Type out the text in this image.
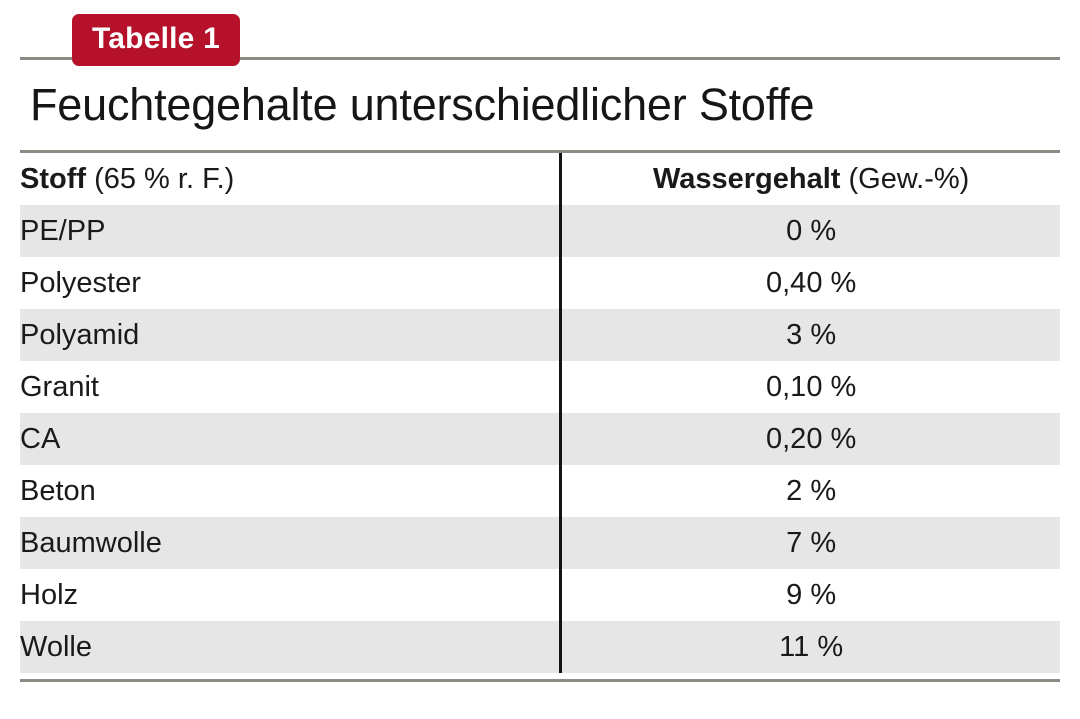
Tabelle 1
Feuchtegehalte unterschiedlicher Stoffe
Stoff (65 % r. F.)	Wassergehalt (Gew.-%)
PE/PP	0 %
Polyester	0,40 %
Polyamid	3 %
Granit	0,10 %
CA	0,20 %
Beton	2 %
Baumwolle	7 %
Holz	9 %
Wolle	11 %
